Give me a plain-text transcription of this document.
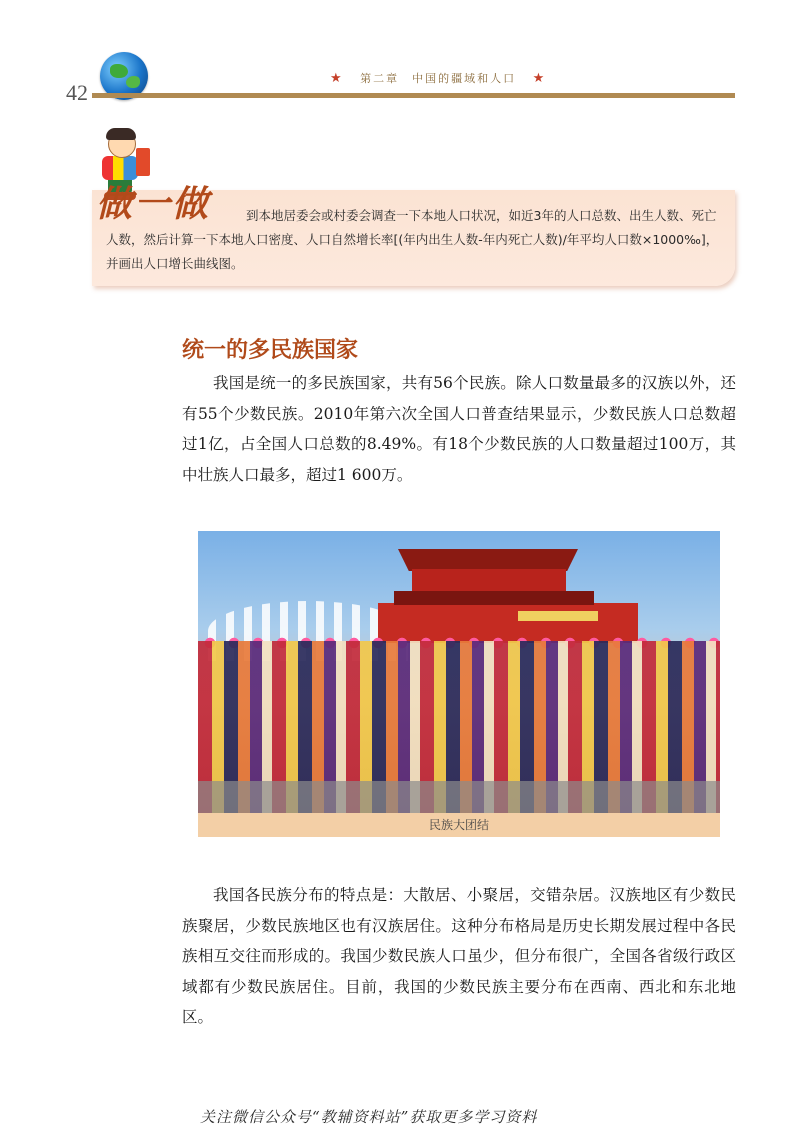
42
★ 第二章　中国的疆域和人口 ★
做一做	到本地居委会或村委会调查一下本地人口状况，如近3年的人口总数、出生人数、死亡人数，然后计算一下本地人口密度、人口自然增长率[(年内出生人数-年内死亡人数)/年平均人口数×1000‰]，并画出人口增长曲线图。
统一的多民族国家
我国是统一的多民族国家，共有56个民族。除人口数量最多的汉族以外，还有55个少数民族。2010年第六次全国人口普查结果显示，少数民族人口总数超过1亿，占全国人口总数的8.49%。有18个少数民族的人口数量超过100万，其中壮族人口最多，超过1 600万。
民族大团结
我国各民族分布的特点是：大散居、小聚居，交错杂居。汉族地区有少数民族聚居，少数民族地区也有汉族居住。这种分布格局是历史长期发展过程中各民族相互交往而形成的。我国少数民族人口虽少，但分布很广，全国各省级行政区域都有少数民族居住。目前，我国的少数民族主要分布在西南、西北和东北地区。
关注微信公众号“教辅资料站”获取更多学习资料
